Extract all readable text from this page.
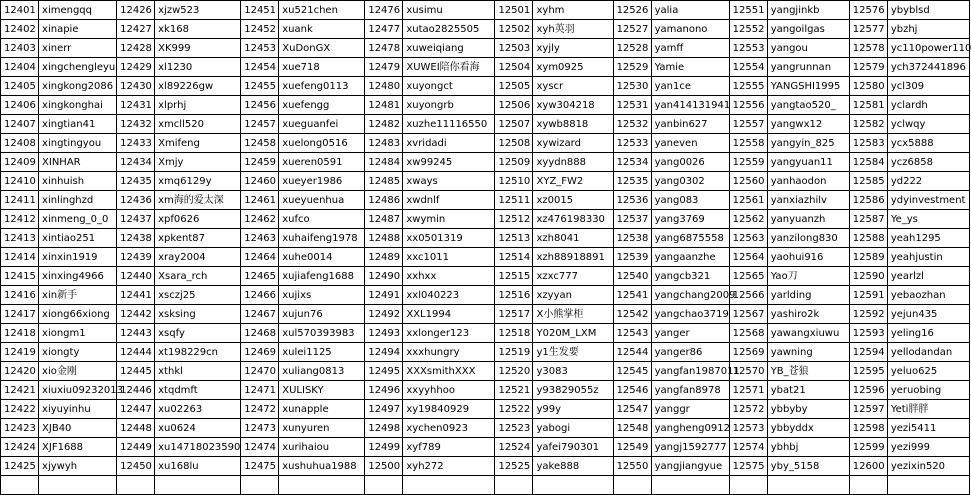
12401	ximengqq	12426	xjzw523	12451	xu521chen	12476	xusimu	12501	xyhm	12526	yalia	12551	yangjinkb	12576	ybyblsd
12402	xinapie	12427	xk168	12452	xuank	12477	xutao2825505	12502	xyh英羽	12527	yamanono	12552	yangoilgas	12577	ybzhj
12403	xinerr	12428	XK999	12453	XuDonGX	12478	xuweiqiang	12503	xyjly	12528	yamff	12553	yangou	12578	yc110power110
12404	xingchengleyu	12429	xl1230	12454	xue718	12479	XUWEI陪你看海	12504	xym0925	12529	Yamie	12554	yangrunnan	12579	ych372441896
12405	xingkong2086	12430	xl89226gw	12455	xuefeng0113	12480	xuyongct	12505	xyscr	12530	yan1ce	12555	YANGSHI1995	12580	ycl309
12406	xingkonghai	12431	xlprhj	12456	xuefengg	12481	xuyongrb	12506	xyw304218	12531	yan414131941	12556	yangtao520_	12581	yclardh
12407	xingtian41	12432	xmcll520	12457	xueguanfei	12482	xuzhe11116550	12507	xywb8818	12532	yanbin627	12557	yangwx12	12582	yclwqy
12408	xingtingyou	12433	Xmifeng	12458	xuelong0516	12483	xvridadi	12508	xywizard	12533	yaneven	12558	yangyin_825	12583	ycx5888
12409	XINHAR	12434	Xmjy	12459	xueren0591	12484	xw99245	12509	xyydn888	12534	yang0026	12559	yangyuan11	12584	ycz6858
12410	xinhuish	12435	xmq6129y	12460	xueyer1986	12485	xways	12510	XYZ_FW2	12535	yang0302	12560	yanhaodon	12585	yd222
12411	xinlinghzd	12436	xm海的爱太深	12461	xueyuenhua	12486	xwdnlf	12511	xz0015	12536	yang083	12561	yanxiazhilv	12586	ydyinvestment
12412	xinmeng_0_0	12437	xpf0626	12462	xufco	12487	xwymin	12512	xz476198330	12537	yang3769	12562	yanyuanzh	12587	Ye_ys
12413	xintiao251	12438	xpkent87	12463	xuhaifeng1978	12488	xx0501319	12513	xzh8041	12538	yang6875558	12563	yanzilong830	12588	yeah1295
12414	xinxin1919	12439	xray2004	12464	xuhe0014	12489	xxc1011	12514	xzh88918891	12539	yangaanzhe	12564	yaohui916	12589	yeahjustin
12415	xinxing4966	12440	Xsara_rch	12465	xujiafeng1688	12490	xxhxx	12515	xzxc777	12540	yangcb321	12565	Yao刀	12590	yearlzl
12416	xin新手	12441	xsczj25	12466	xujixs	12491	xxl040223	12516	xzyyan	12541	yangchang2009	12566	yarlding	12591	yebaozhan
12417	xiong66xiong	12442	xsksing	12467	xujun76	12492	XXL1994	12517	X小熊掌柜	12542	yangchao3719	12567	yashiro2k	12592	yejun435
12418	xiongm1	12443	xsqfy	12468	xul570393983	12493	xxlonger123	12518	Y020M_LXM	12543	yanger	12568	yawangxiuwu	12593	yeling16
12419	xiongty	12444	xt198229cn	12469	xulei1125	12494	xxxhungry	12519	y1生发要	12544	yanger86	12569	yawning	12594	yellodandan
12420	xio金刚	12445	xthkl	12470	xuliang0813	12495	XXXsmithXXX	12520	y3083	12545	yangfan1987011	12570	YB_苍狼	12595	yeluo625
12421	xiuxiu09232013	12446	xtqdmft	12471	XULISKY	12496	xxyyhhoo	12521	y93829055z	12546	yangfan8978	12571	ybat21	12596	yeruobing
12422	xiyuyinhu	12447	xu02263	12472	xunapple	12497	xy19840929	12522	y99y	12547	yanggr	12572	ybbyby	12597	Yeti胖胖
12423	XJB40	12448	xu0624	12473	xunyuren	12498	xychen0923	12523	yabogi	12548	yangheng0912	12573	ybbyddx	12598	yezi5411
12424	XJF1688	12449	xu14718023590	12474	xurihaiou	12499	xyf789	12524	yafei790301	12549	yangj1592777	12574	ybhbj	12599	yezi999
12425	xjywyh	12450	xu168lu	12475	xushuhua1988	12500	xyh272	12525	yake888	12550	yangjiangyue	12575	yby_5158	12600	yezixin520
